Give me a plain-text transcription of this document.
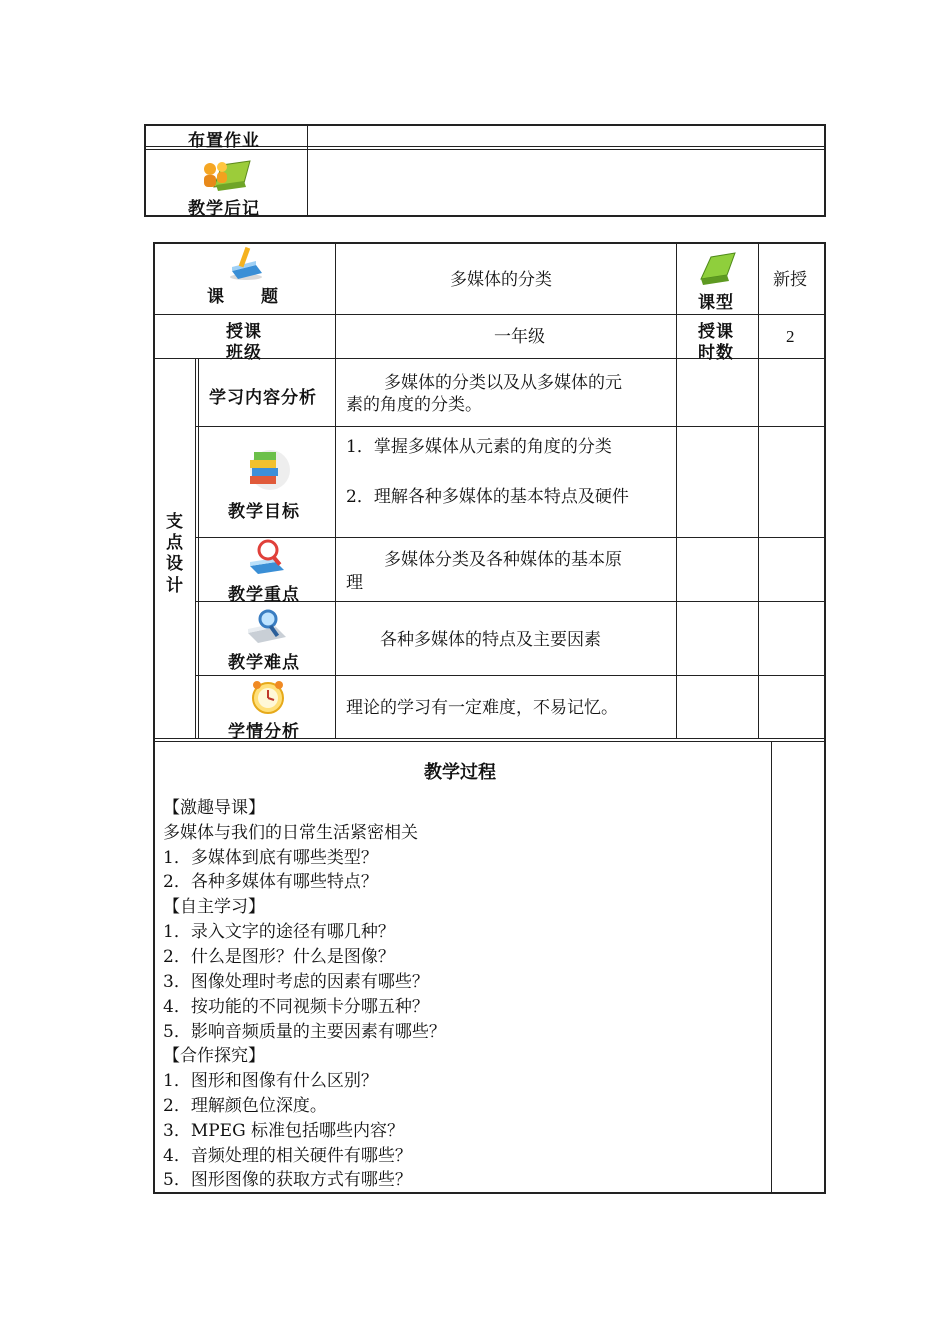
布置作业
教学后记
课　　题
多媒体的分类
课型
新授
授课
班级
一年级	授课
时数
2
支
点
设
计
学习内容分析
多媒体的分类以及从多媒体的元
素的角度的分类。
教学目标
1．掌握多媒体从元素的角度的分类
2．理解各种多媒体的基本特点及硬件
教学重点
多媒体分类及各种媒体的基本原
理
教学难点
各种多媒体的特点及主要因素
学情分析
理论的学习有一定难度，不易记忆。
教学过程
【激趣导课】
多媒体与我们的日常生活紧密相关
1．多媒体到底有哪些类型？
2．各种多媒体有哪些特点？
【自主学习】
1．录入文字的途径有哪几种？
2．什么是图形？什么是图像？
3．图像处理时考虑的因素有哪些？
4．按功能的不同视频卡分哪五种？
5．影响音频质量的主要因素有哪些？
【合作探究】
1．图形和图像有什么区别？
2．理解颜色位深度。
3．MPEG 标准包括哪些内容？
4．音频处理的相关硬件有哪些？
5．图形图像的获取方式有哪些？
